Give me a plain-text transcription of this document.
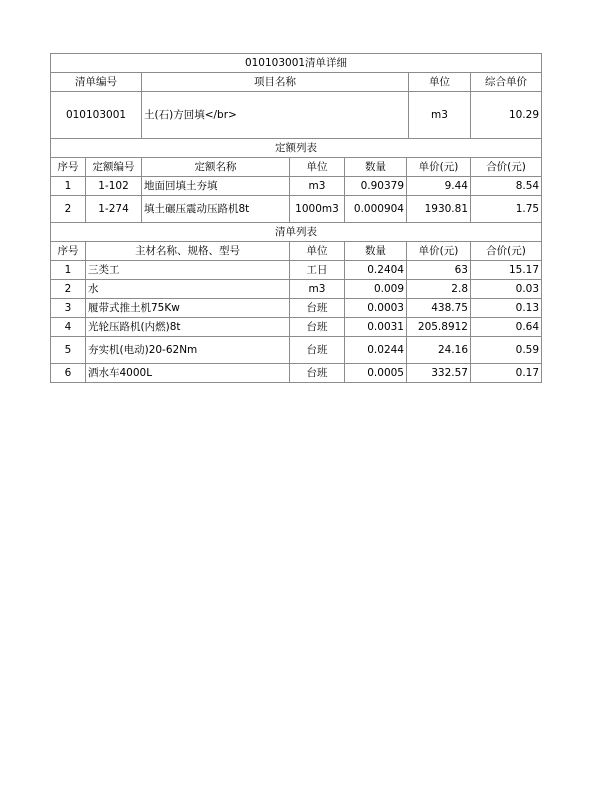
010103001清单详细			
清单编号	项目名称	单位	综合单价
010103001	土(石)方回填</br>	m3	10.29
定额列表						
序号	定额编号	定额名称	单位	数量	单价(元)	合价(元)
1	1-102	地面回填土夯填	m3	0.90379	9.44	8.54
2	1-274	填土碾压震动压路机8t	1000m3	0.000904	1930.81	1.75
清单列表					
序号	主材名称、规格、型号	单位	数量	单价(元)	合价(元)
1	三类工	工日	0.2404	63	15.17
2	水	m3	0.009	2.8	0.03
3	履带式推土机75Kw	台班	0.0003	438.75	0.13
4	光轮压路机(内燃)8t	台班	0.0031	205.8912	0.64
5	夯实机(电动)20-62Nm	台班	0.0244	24.16	0.59
6	洒水车4000L	台班	0.0005	332.57	0.17
